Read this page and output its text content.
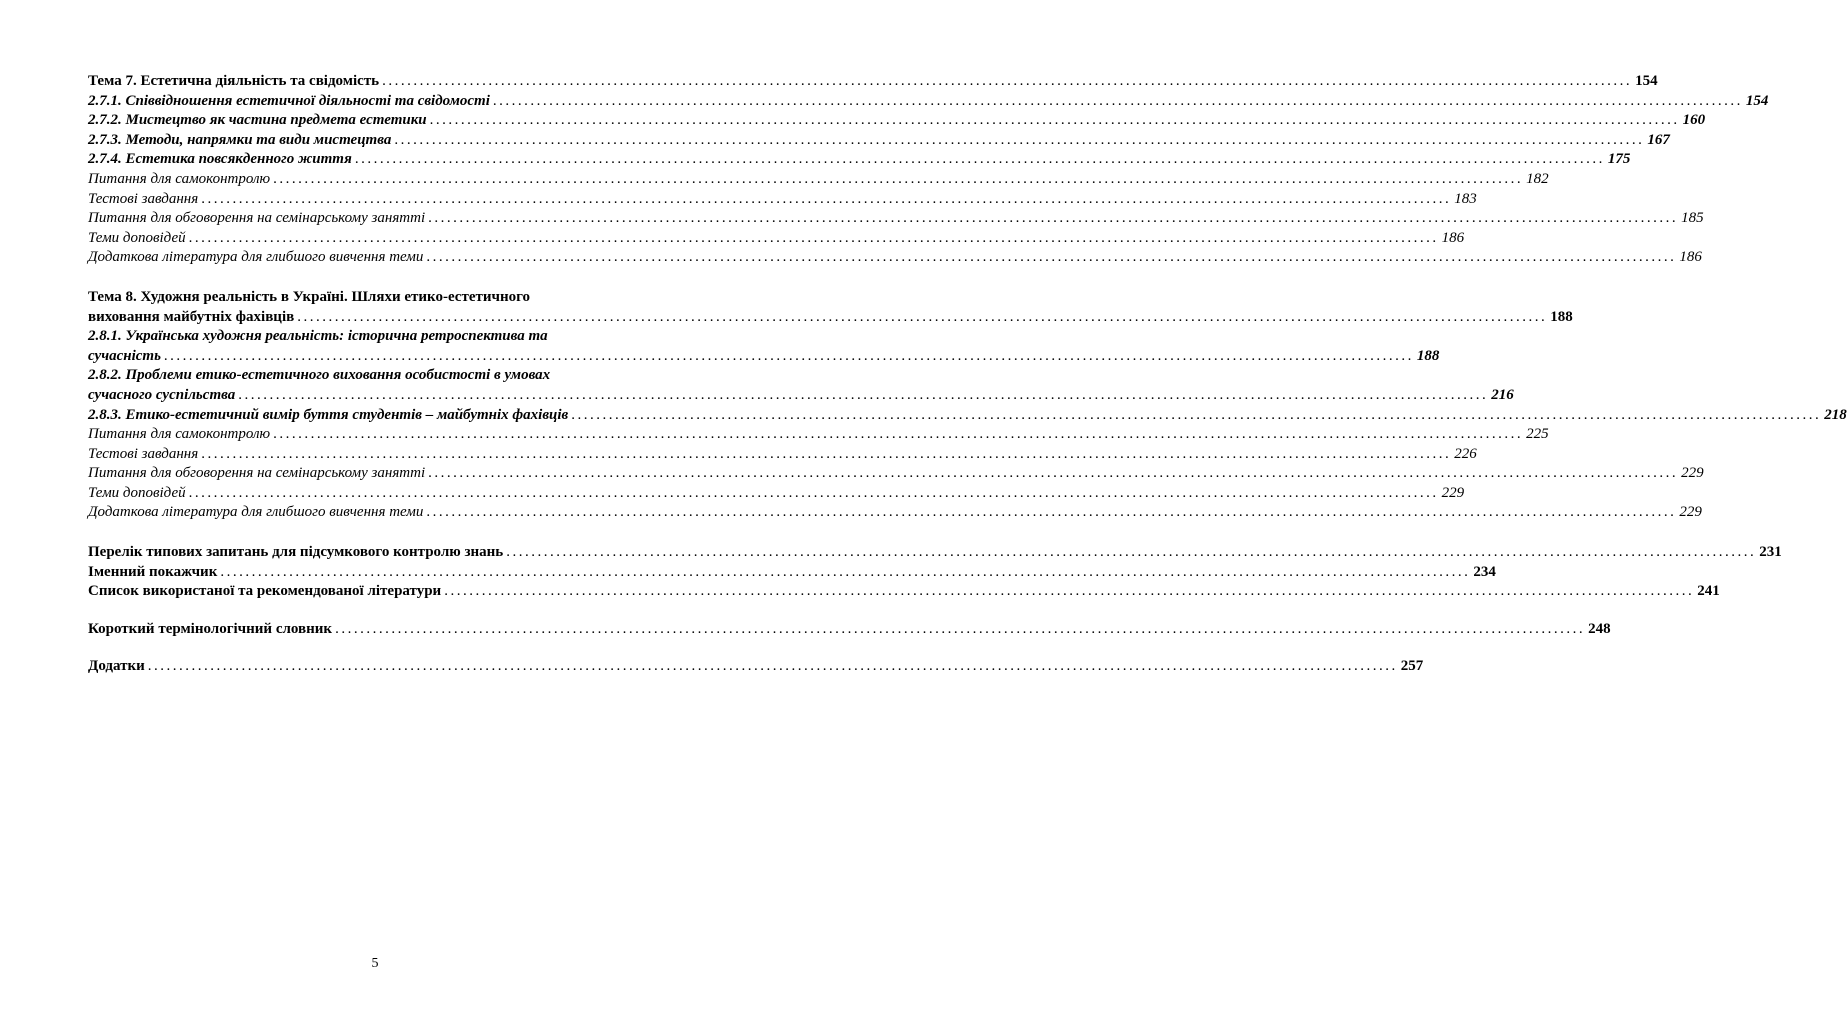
Тема 7. Естетична діяльність та свідомість ........................................................................................................................................................................................................ 154
2.7.1. Співвідношення естетичної діяльності та свідомості ........................................................................................................................................................................................................ 154
2.7.2. Мистецтво як частина предмета естетики ........................................................................................................................................................................................................ 160
2.7.3. Методи, напрямки та види мистецтва ........................................................................................................................................................................................................ 167
2.7.4. Естетика повсякденного життя ........................................................................................................................................................................................................ 175
Питання для самоконтролю ........................................................................................................................................................................................................ 182
Тестові завдання ........................................................................................................................................................................................................ 183
Питання для обговорення на семінарському занятті ........................................................................................................................................................................................................ 185
Теми доповідей ........................................................................................................................................................................................................ 186
Додаткова література для глибшого вивчення теми ........................................................................................................................................................................................................ 186
Тема 8. Художня реальність в Україні. Шляхи етико-естетичного
виховання майбутніх фахівців ........................................................................................................................................................................................................ 188
2.8.1. Українська художня реальність: історична ретроспектива та
сучасність ........................................................................................................................................................................................................ 188
2.8.2. Проблеми етико-естетичного виховання особистості в умовах
сучасного суспільства ........................................................................................................................................................................................................ 216
2.8.3. Етико-естетичний вимір буття студентів – майбутніх фахівців ........................................................................................................................................................................................................ 218
Питання для самоконтролю ........................................................................................................................................................................................................ 225
Тестові завдання ........................................................................................................................................................................................................ 226
Питання для обговорення на семінарському занятті ........................................................................................................................................................................................................ 229
Теми доповідей ........................................................................................................................................................................................................ 229
Додаткова література для глибшого вивчення теми ........................................................................................................................................................................................................ 229
Перелік типових запитань для підсумкового контролю знань ........................................................................................................................................................................................................ 231
Іменний покажчик ........................................................................................................................................................................................................ 234
Список використаної та рекомендованої літератури ........................................................................................................................................................................................................ 241
Короткий термінологічний словник ........................................................................................................................................................................................................ 248
Додатки ........................................................................................................................................................................................................ 257
5
